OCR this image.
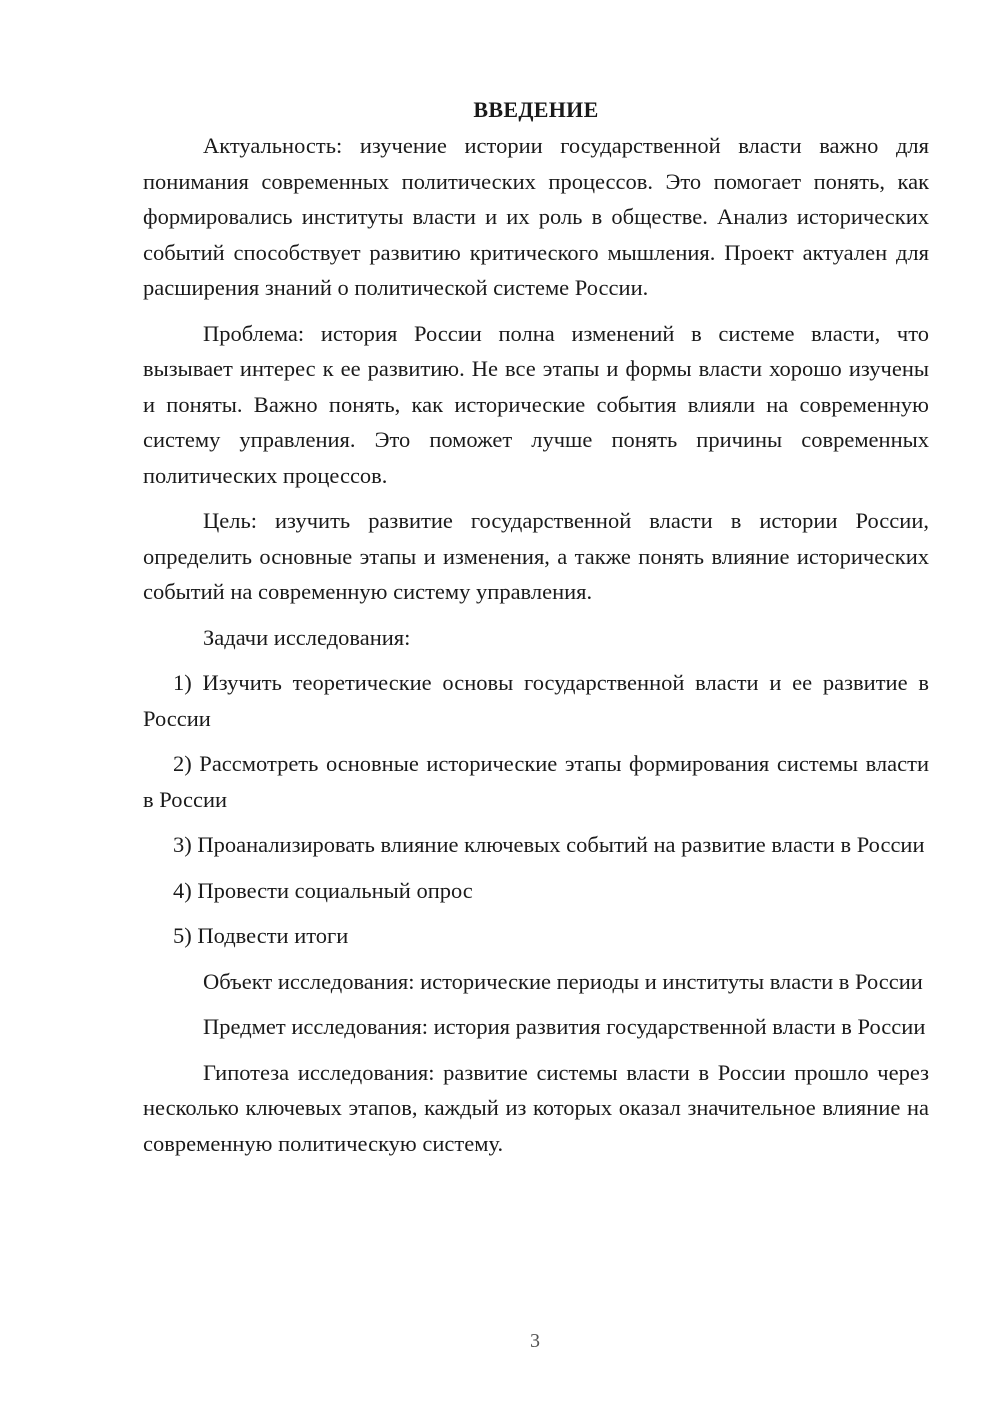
ВВЕДЕНИЕ

Актуальность: изучение истории государственной власти важно для понимания современных политических процессов. Это помогает понять, как формировались институты власти и их роль в обществе. Анализ исторических событий способствует развитию критического мышления. Проект актуален для расширения знаний о политической системе России.

Проблема: история России полна изменений в системе власти, что вызывает интерес к ее развитию. Не все этапы и формы власти хорошо изучены и поняты. Важно понять, как исторические события влияли на современную систему управления. Это поможет лучше понять причины современных политических процессов.

Цель: изучить развитие государственной власти в истории России, определить основные этапы и изменения, а также понять влияние исторических событий на современную систему управления.

Задачи исследования:

1) Изучить теоретические основы государственной власти и ее развитие в России

2) Рассмотреть основные исторические этапы формирования системы власти в России

3) Проанализировать влияние ключевых событий на развитие власти в России

4) Провести социальный опрос

5) Подвести итоги

Объект исследования: исторические периоды и институты власти в России

Предмет исследования: история развития государственной власти в России

Гипотеза исследования: развитие системы власти в России прошло через несколько ключевых этапов, каждый из которых оказал значительное влияние на современную политическую систему.

3
